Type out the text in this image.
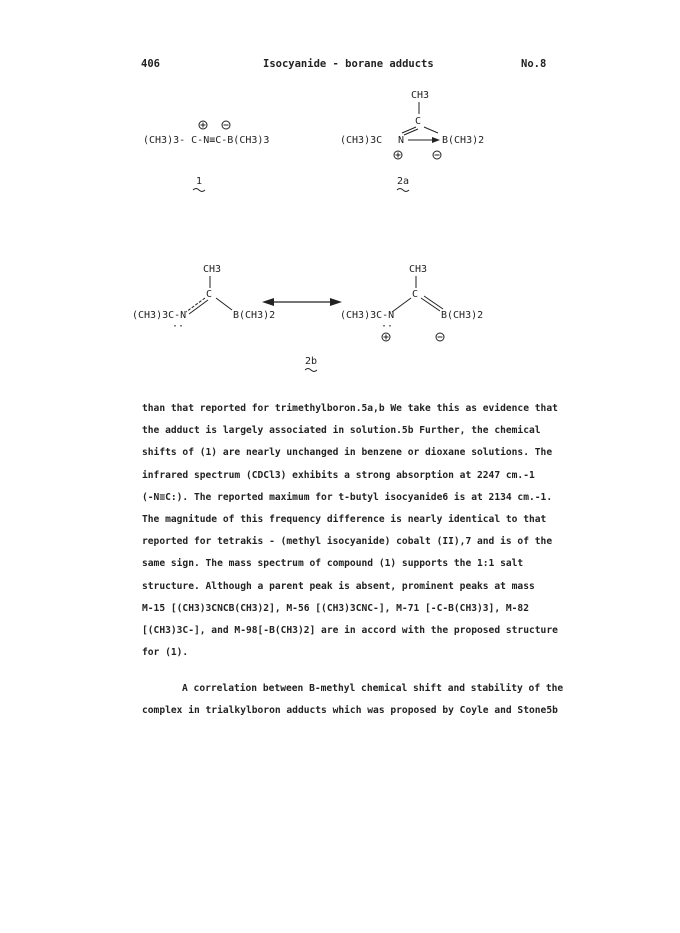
406	Isocyanide - borane adducts	No.8
(CH3)3- C-N≡C-B(CH3)3
1
CH3
C
(CH3)3C N	B(CH3)2
2a
CH3
C
(CH3)3C-N
··
B(CH3)2
CH3
C
(CH3)3C-N
··
B(CH3)2
2b
than that reported for trimethylboron.5a,b We take this as evidence that
the adduct is largely associated in solution.5b Further, the chemical
shifts of (1) are nearly unchanged in benzene or dioxane solutions. The
infrared spectrum (CDCl3) exhibits a strong absorption at 2247 cm.-1
(-N≡C:). The reported maximum for t-butyl isocyanide6 is at 2134 cm.-1.
The magnitude of this frequency difference is nearly identical to that
reported for tetrakis - (methyl isocyanide) cobalt (II),7 and is of the
same sign. The mass spectrum of compound (1) supports the 1:1 salt
structure. Although a parent peak is absent, prominent peaks at mass
M-15 [(CH3)3CNCB(CH3)2], M-56 [(CH3)3CNC-], M-71 [-C-B(CH3)3], M-82
[(CH3)3C-], and M-98[-B(CH3)2] are in accord with the proposed structure
for (1).
A correlation between B-methyl chemical shift and stability of the
complex in trialkylboron adducts which was proposed by Coyle and Stone5b
